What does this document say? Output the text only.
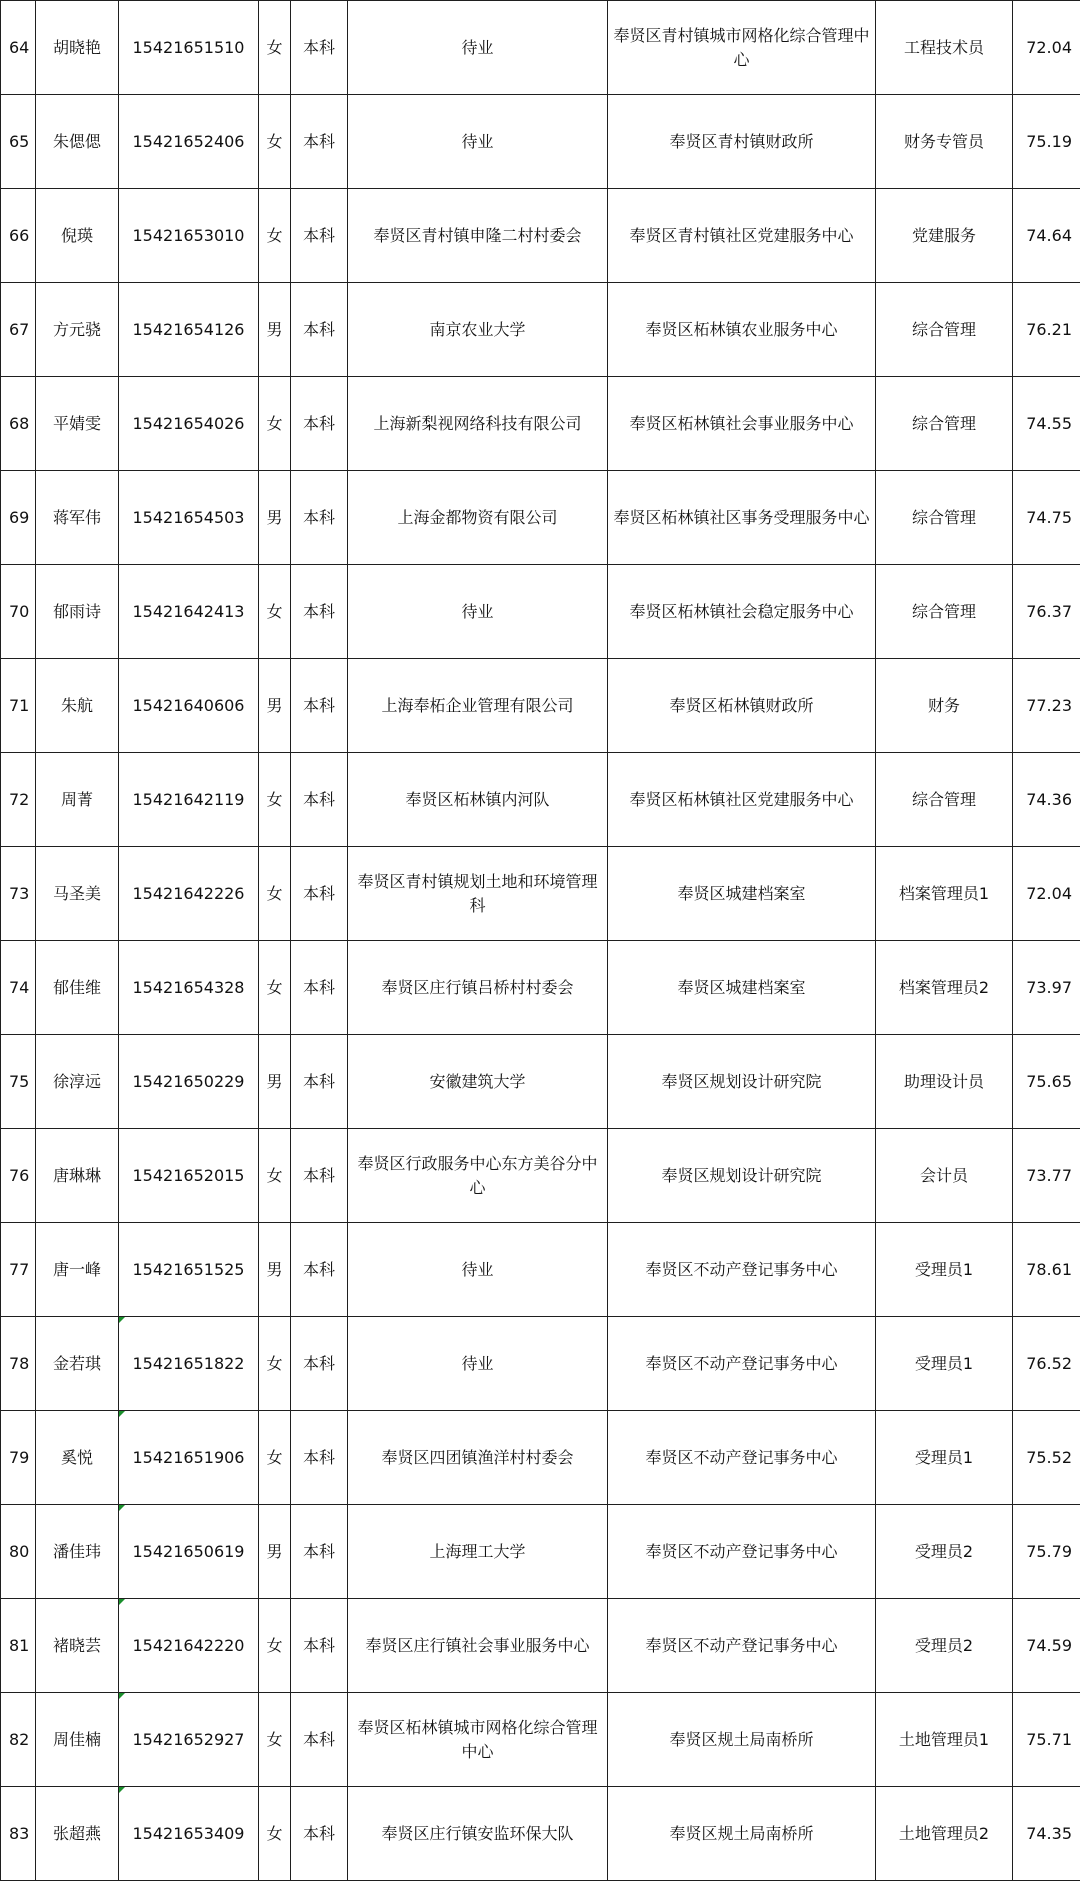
64	胡晓艳	15421651510	女	本科	待业	奉贤区青村镇城市网格化综合管理中心	工程技术员	72.04
65	朱偲偲	15421652406	女	本科	待业	奉贤区青村镇财政所	财务专管员	75.19
66	倪瑛	15421653010	女	本科	奉贤区青村镇申隆二村村委会	奉贤区青村镇社区党建服务中心	党建服务	74.64
67	方元骁	15421654126	男	本科	南京农业大学	奉贤区柘林镇农业服务中心	综合管理	76.21
68	平婧雯	15421654026	女	本科	上海新梨视网络科技有限公司	奉贤区柘林镇社会事业服务中心	综合管理	74.55
69	蒋军伟	15421654503	男	本科	上海金都物资有限公司	奉贤区柘林镇社区事务受理服务中心	综合管理	74.75
70	郁雨诗	15421642413	女	本科	待业	奉贤区柘林镇社会稳定服务中心	综合管理	76.37
71	朱航	15421640606	男	本科	上海奉柘企业管理有限公司	奉贤区柘林镇财政所	财务	77.23
72	周菁	15421642119	女	本科	奉贤区柘林镇内河队	奉贤区柘林镇社区党建服务中心	综合管理	74.36
73	马圣美	15421642226	女	本科	奉贤区青村镇规划土地和环境管理科	奉贤区城建档案室	档案管理员1	72.04
74	郁佳维	15421654328	女	本科	奉贤区庄行镇吕桥村村委会	奉贤区城建档案室	档案管理员2	73.97
75	徐淳远	15421650229	男	本科	安徽建筑大学	奉贤区规划设计研究院	助理设计员	75.65
76	唐琳琳	15421652015	女	本科	奉贤区行政服务中心东方美谷分中心	奉贤区规划设计研究院	会计员	73.77
77	唐一峰	15421651525	男	本科	待业	奉贤区不动产登记事务中心	受理员1	78.61
78	金若琪	15421651822	女	本科	待业	奉贤区不动产登记事务中心	受理员1	76.52
79	奚悦	15421651906	女	本科	奉贤区四团镇渔洋村村委会	奉贤区不动产登记事务中心	受理员1	75.52
80	潘佳玮	15421650619	男	本科	上海理工大学	奉贤区不动产登记事务中心	受理员2	75.79
81	褚晓芸	15421642220	女	本科	奉贤区庄行镇社会事业服务中心	奉贤区不动产登记事务中心	受理员2	74.59
82	周佳楠	15421652927	女	本科	奉贤区柘林镇城市网格化综合管理中心	奉贤区规土局南桥所	土地管理员1	75.71
83	张超燕	15421653409	女	本科	奉贤区庄行镇安监环保大队	奉贤区规土局南桥所	土地管理员2	74.35
